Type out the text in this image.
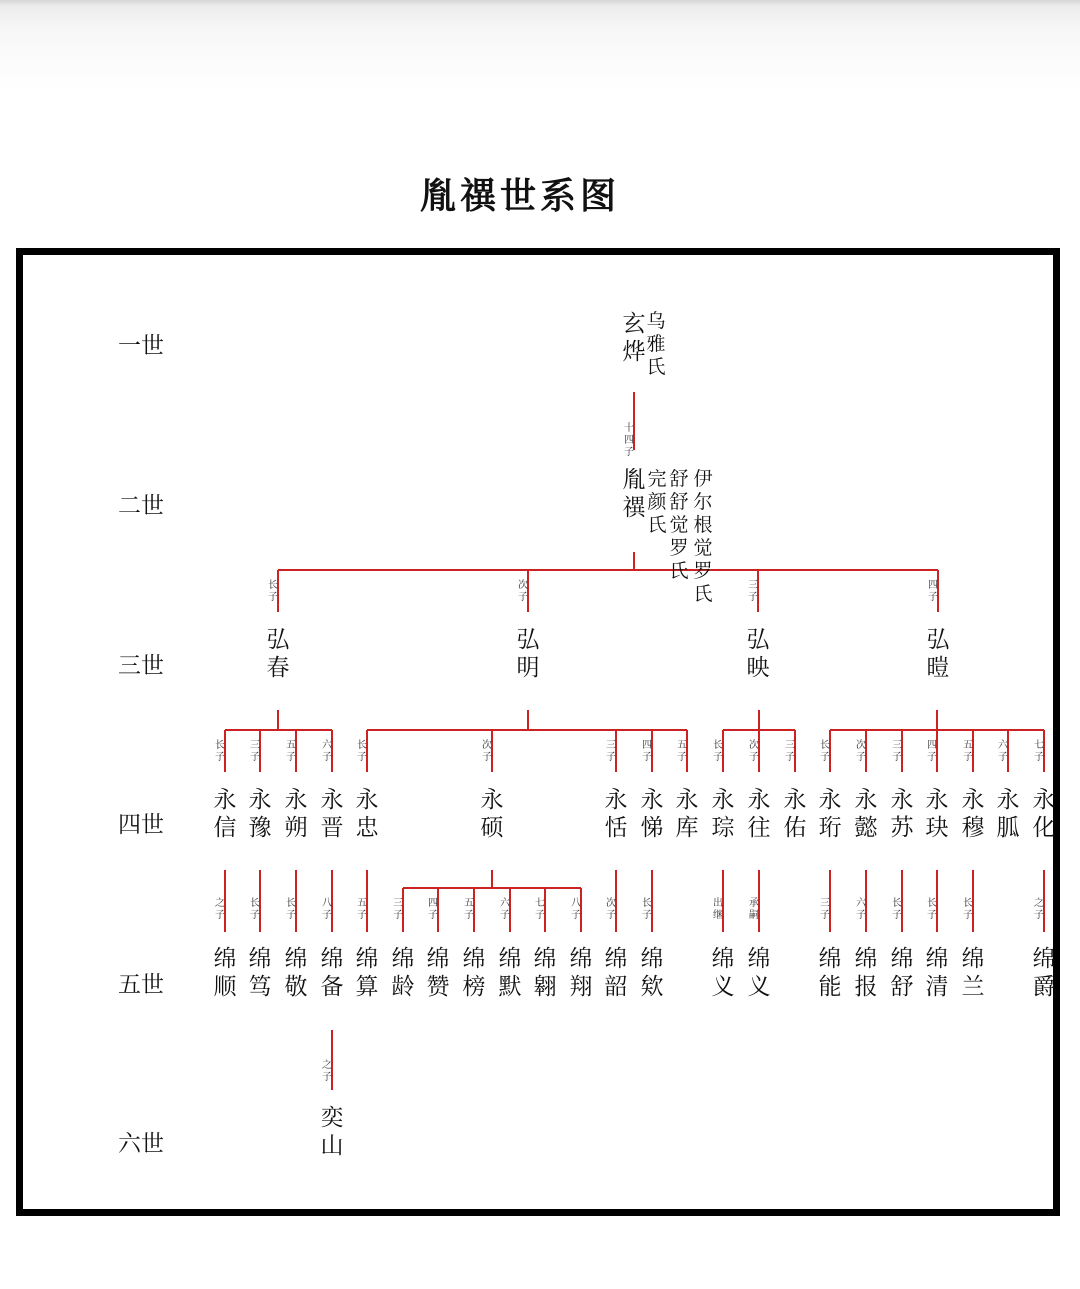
胤禩世系图
一世
二世
三世
四世
五世
六世
玄烨
乌雅氏
十四子
胤禩
完颜氏
舒舒觉罗氏
伊尔根觉罗氏
长子
弘春
次子
弘明
三子
弘映
四子
弘暟
长子
永信
三子
永豫
五子
永朔
六子
永晋
长子
永忠
次子
永硕
三子
永恬
四子
永悌
五子
永库
长子
永琮
次子
永往
三子
永佑
长子
永珩
次子
永懿
三子
永苏
四子
永玦
五子
永穆
六子
永胍
七子
永化
之子
绵顺
长子
绵笃
长子
绵敬
八子
绵备
五子
绵算
三子
绵龄
四子
绵赞
五子
绵榜
六子
绵默
七子
绵翱
八子
绵翔
次子
绵韶
长子
绵欸
出继
绵义
承嗣
绵义
三子
绵能
六子
绵报
长子
绵舒
长子
绵清
长子
绵兰
之子
绵爵
之子
奕山
